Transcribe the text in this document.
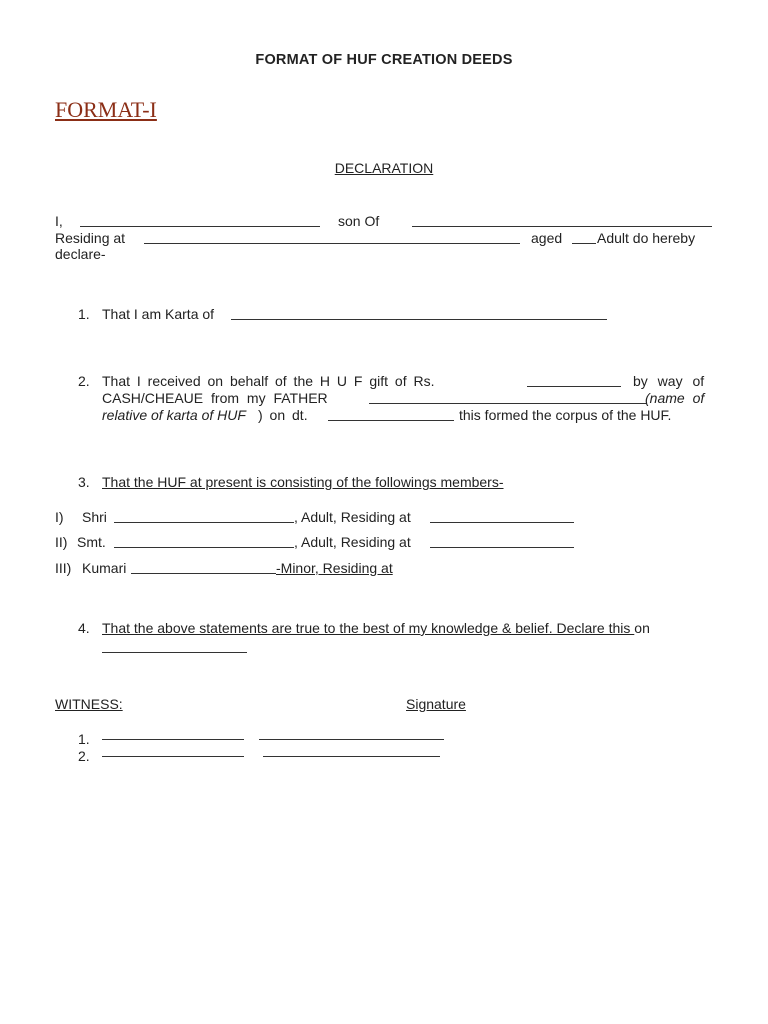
FORMAT OF HUF CREATION DEEDS
FORMAT-I
DECLARATION
I,	son Of
Residing at	aged Adult do hereby
declare-
1. That I am Karta of
2. That I received on behalf of the H U F gift of Rs.	by way of
CASH/CHEAUE from my FATHER	(name of
relative of karta of HUF ) on dt.	this formed the corpus of the HUF.
3. That the HUF at present is consisting of the followings members-
I) Shri	, Adult, Residing at
II) Smt.	, Adult, Residing at
III) Kumari	-Minor, Residing at
4. That the above statements are true to the best of my knowledge & belief. Declare this on
WITNESS:	Signature
1.
2.
